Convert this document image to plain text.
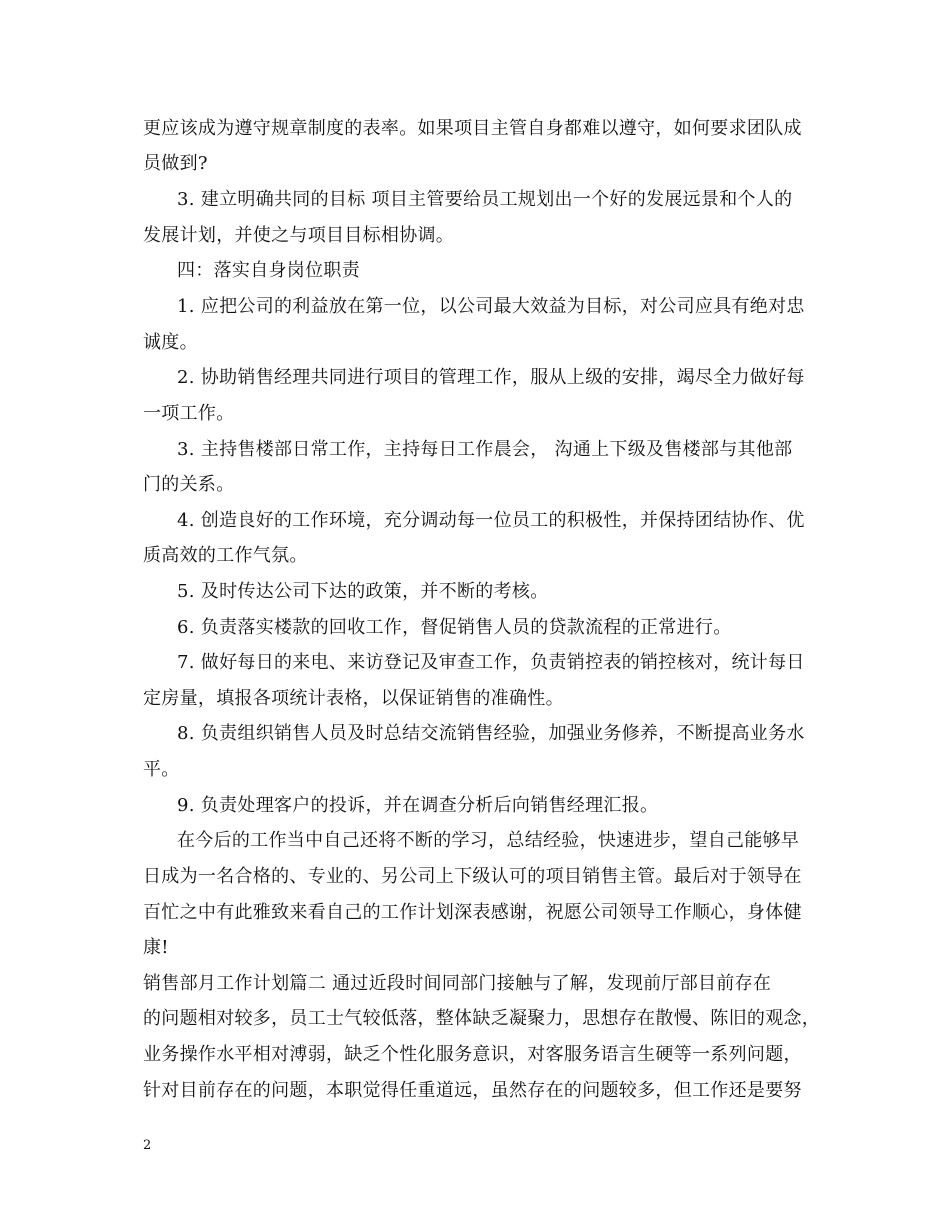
更应该成为遵守规章制度的表率。如果项目主管自身都难以遵守，如何要求团队成
员做到?
3. 建立明确共同的目标 项目主管要给员工规划出一个好的发展远景和个人的
发展计划，并使之与项目目标相协调。
四：落实自身岗位职责
1. 应把公司的利益放在第一位，以公司最大效益为目标，对公司应具有绝对忠
诚度。
2. 协助销售经理共同进行项目的管理工作，服从上级的安排，竭尽全力做好每
一项工作。
3. 主持售楼部日常工作，主持每日工作晨会， 沟通上下级及售楼部与其他部
门的关系。
4. 创造良好的工作环境，充分调动每一位员工的积极性，并保持团结协作、优
质高效的工作气氛。
5. 及时传达公司下达的政策，并不断的考核。
6. 负责落实楼款的回收工作，督促销售人员的贷款流程的正常进行。
7. 做好每日的来电、来访登记及审查工作，负责销控表的销控核对，统计每日
定房量，填报各项统计表格，以保证销售的准确性。
8. 负责组织销售人员及时总结交流销售经验，加强业务修养，不断提高业务水
平。
9. 负责处理客户的投诉，并在调查分析后向销售经理汇报。
在今后的工作当中自己还将不断的学习，总结经验，快速进步，望自己能够早
日成为一名合格的、专业的、另公司上下级认可的项目销售主管。最后对于领导在
百忙之中有此雅致来看自己的工作计划深表感谢，祝愿公司领导工作顺心，身体健
康!
销售部月工作计划篇二 通过近段时间同部门接触与了解，发现前厅部目前存在
的问题相对较多，员工士气较低落，整体缺乏凝聚力，思想存在散慢、陈旧的观念，
业务操作水平相对溥弱，缺乏个性化服务意识，对客服务语言生硬等一系列问题，
针对目前存在的问题，本职觉得任重道远，虽然存在的问题较多，但工作还是要努
2
